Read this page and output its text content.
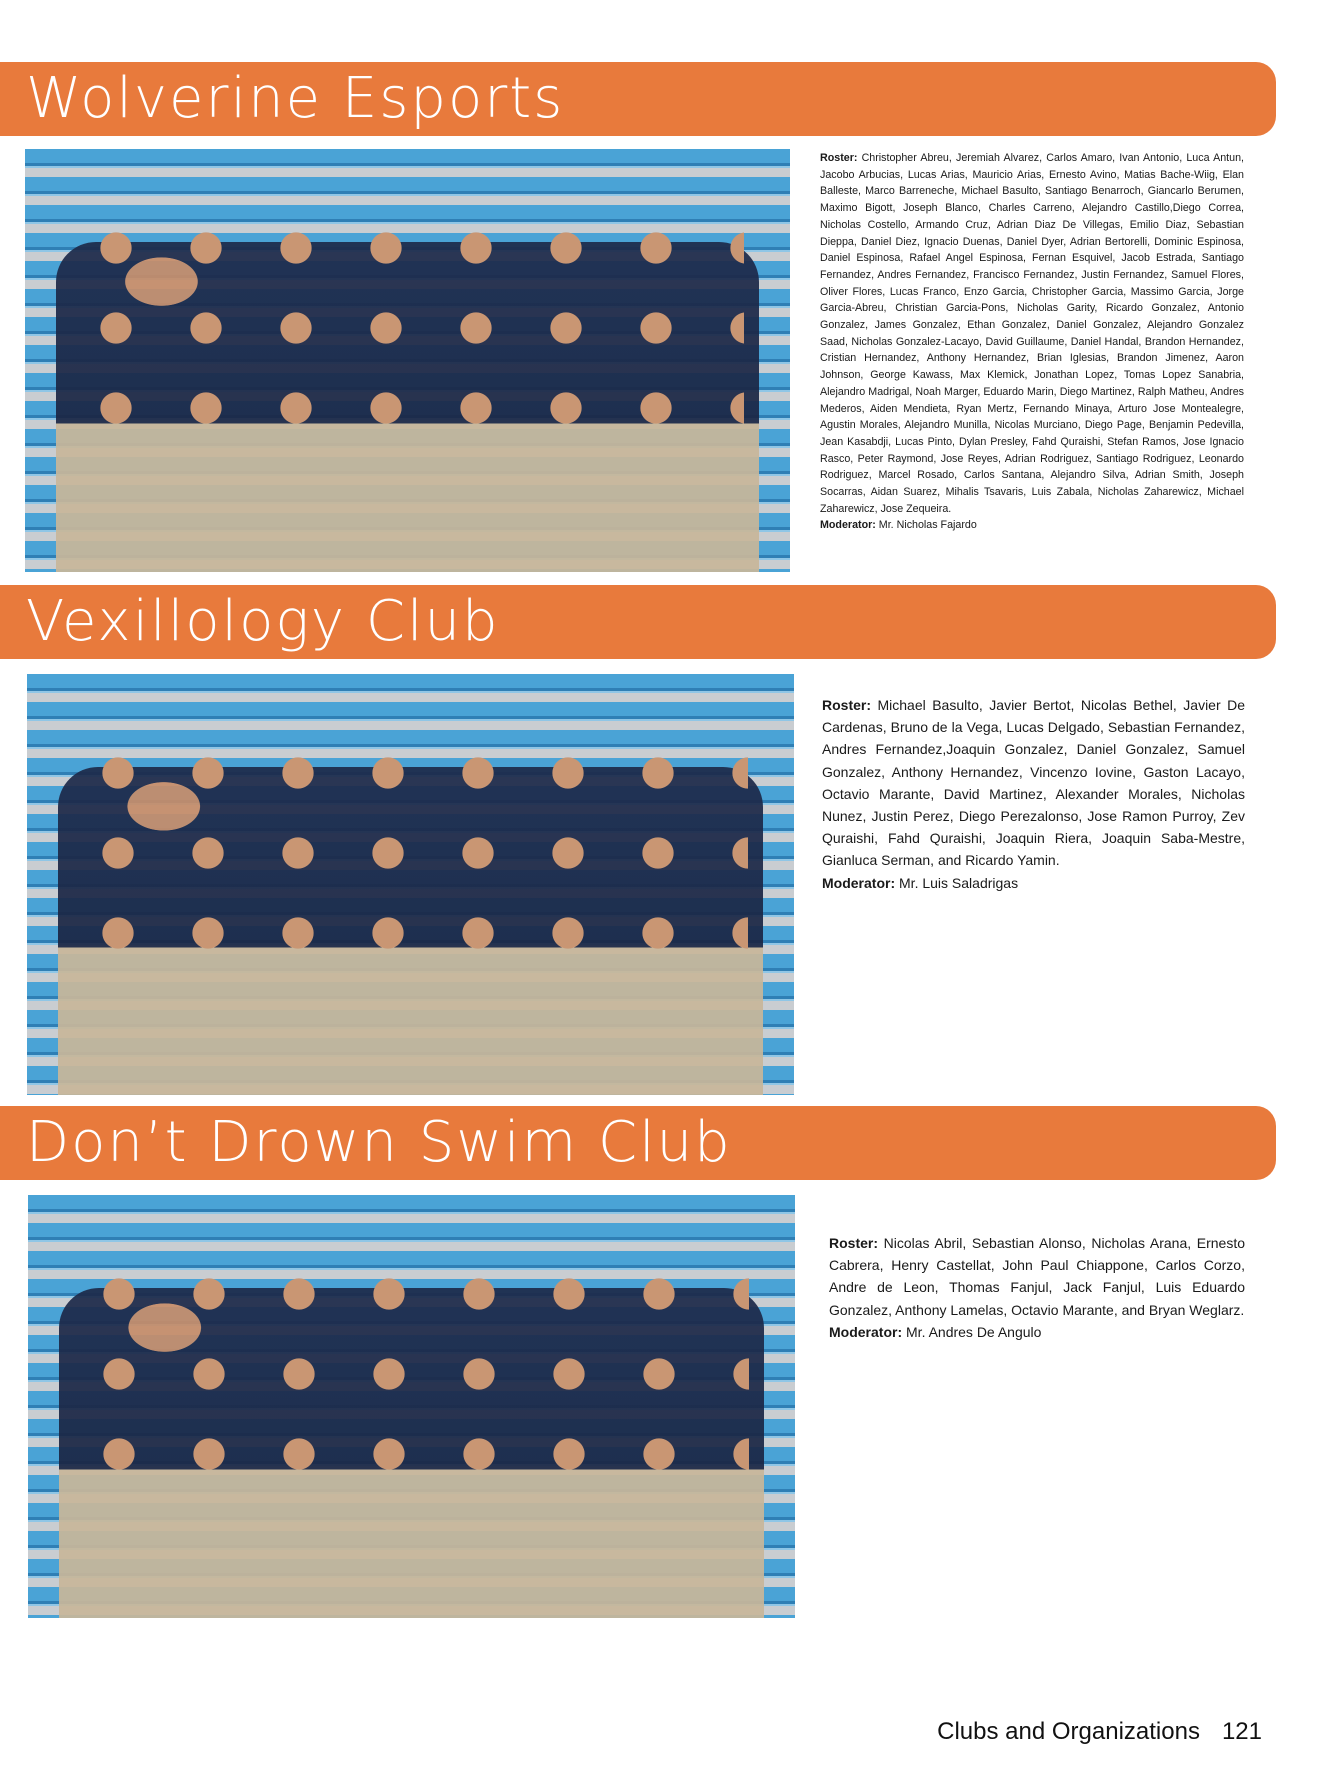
Wolverine Esports
Roster: Christopher Abreu, Jeremiah Alvarez, Carlos Amaro, Ivan Antonio, Luca Antun, Jacobo Arbucias, Lucas Arias, Mauricio Arias, Ernesto Avino, Matias Bache-Wiig, Elan Balleste, Marco Barreneche, Michael Basulto, Santiago Benarroch, Giancarlo Berumen, Maximo Bigott, Joseph Blanco, Charles Carreno, Alejandro Castillo,Diego Correa, Nicholas Costello, Armando Cruz, Adrian Diaz De Villegas, Emilio Diaz, Sebastian Dieppa, Daniel Diez, Ignacio Duenas, Daniel Dyer, Adrian Bertorelli, Dominic Espinosa, Daniel Espinosa, Rafael Angel Espinosa, Fernan Esquivel, Jacob Estrada, Santiago Fernandez, Andres Fernandez, Francisco Fernandez, Justin Fernandez, Samuel Flores, Oliver Flores, Lucas Franco, Enzo Garcia, Christopher Garcia, Massimo Garcia, Jorge Garcia-Abreu, Christian Garcia-Pons, Nicholas Garity, Ricardo Gonzalez, Antonio Gonzalez, James Gonzalez, Ethan Gonzalez, Daniel Gonzalez, Alejandro Gonzalez Saad, Nicholas Gonzalez-Lacayo, David Guillaume, Daniel Handal, Brandon Hernandez, Cristian Hernandez, Anthony Hernandez, Brian Iglesias, Brandon Jimenez, Aaron Johnson, George Kawass, Max Klemick, Jonathan Lopez, Tomas Lopez Sanabria, Alejandro Madrigal, Noah Marger, Eduardo Marin, Diego Martinez, Ralph Matheu, Andres Mederos, Aiden Mendieta, Ryan Mertz, Fernando Minaya, Arturo Jose Montealegre, Agustin Morales, Alejandro Munilla, Nicolas Murciano, Diego Page, Benjamin Pedevilla, Jean Kasabdji, Lucas Pinto, Dylan Presley, Fahd Quraishi, Stefan Ramos, Jose Ignacio Rasco, Peter Raymond, Jose Reyes, Adrian Rodriguez, Santiago Rodriguez, Leonardo Rodriguez, Marcel Rosado, Carlos Santana, Alejandro Silva, Adrian Smith, Joseph Socarras, Aidan Suarez, Mihalis Tsavaris, Luis Zabala, Nicholas Zaharewicz, Michael Zaharewicz, Jose Zequeira.
Moderator: Mr. Nicholas Fajardo
Vexillology Club
Roster: Michael Basulto, Javier Bertot, Nicolas Bethel, Javier De Cardenas, Bruno de la Vega, Lucas Delgado, Sebastian Fernandez, Andres Fernandez,Joaquin Gonzalez, Daniel Gonzalez, Samuel Gonzalez, Anthony Hernandez, Vincenzo Iovine, Gaston Lacayo, Octavio Marante, David Martinez, Alexander Morales, Nicholas Nunez, Justin Perez, Diego Perezalonso, Jose Ramon Purroy, Zev Quraishi, Fahd Quraishi, Joaquin Riera, Joaquin Saba-Mestre, Gianluca Serman, and Ricardo Yamin.
Moderator: Mr. Luis Saladrigas
Don’t Drown Swim Club
Roster: Nicolas Abril, Sebastian Alonso, Nicholas Arana, Ernesto Cabrera, Henry Castellat, John Paul Chiappone, Carlos Corzo, Andre de Leon, Thomas Fanjul, Jack Fanjul, Luis Eduardo Gonzalez, Anthony Lamelas, Octavio Marante, and Bryan Weglarz.
Moderator: Mr. Andres De Angulo
Clubs and Organizations 121
